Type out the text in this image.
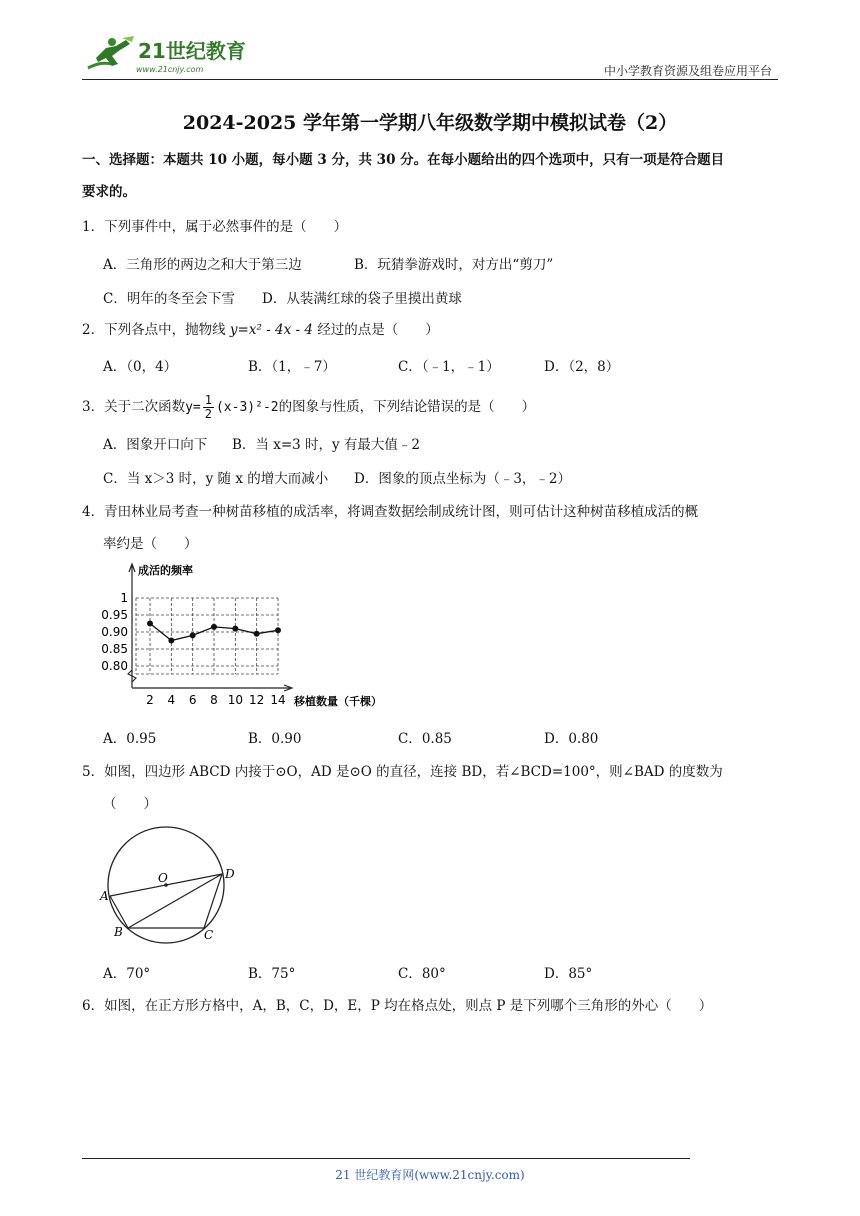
21世纪教育
www.21cnjy.com	中小学教育资源及组卷应用平台
2024-2025 学年第一学期八年级数学期中模拟试卷（2）
一、选择题：本题共 10 小题，每小题 3 分，共 30 分。在每小题给出的四个选项中，只有一项是符合题目
要求的。
1．下列事件中，属于必然事件的是（　　）
A．三角形的两边之和大于第三边	B．玩猜拳游戏时，对方出“剪刀”
C．明年的冬至会下雪 D．从装满红球的袋子里摸出黄球
2．下列各点中，抛物线 y=x² - 4x - 4 经过的点是（　　）
A．（0，4）	B．（1，﹣7）	C．（﹣1，﹣1）	D．（2，8）
3．关于二次函数 $y= \frac{1}{2} (x-3)^2-2$ 的图象与性质，下列结论错误的是（　　）
A．图象开口向下 B．当 x=3 时，y 有最大值﹣2
C．当 x＞3 时，y 随 x 的增大而减小 D．图象的顶点坐标为（﹣3，﹣2）
4．青田林业局考查一种树苗移植的成活率，将调查数据绘制成统计图，则可估计这种树苗移植成活的概
率约是（　　）
0.80
0.85
0.90
0.95
1
2 4 6 8 10 12 14
成活的频率
移植数量（千棵）
A．0.95	B．0.90	C．0.85	D．0.80
5．如图，四边形 ABCD 内接于⊙O，AD 是⊙O 的直径，连接 BD，若∠BCD=100°，则∠BAD 的度数为
（　　）
O
A
B	C
D
A．70°	B．75°	C．80°	D．85°
6．如图，在正方形方格中，A，B，C，D，E，P 均在格点处，则点 P 是下列哪个三角形的外心（　　）
21 世纪教育网(www.21cnjy.com)
